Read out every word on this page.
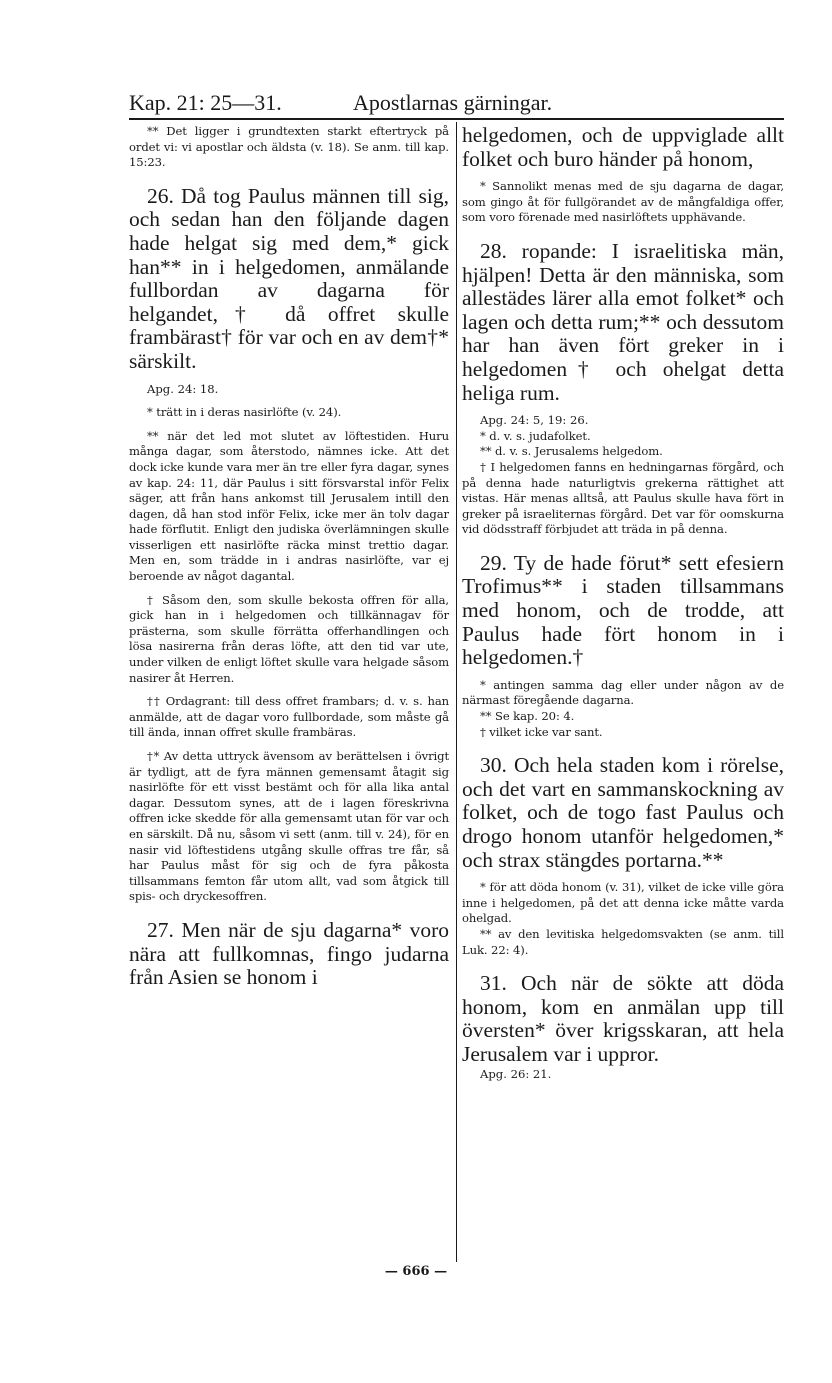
Kap. 21: 25—31.	Apostlarnas gärningar.

** Det ligger i grundtexten starkt eftertryck på ordet vi: vi apostlar och äldsta (v. 18). Se anm. till kap. 15:23.

26. Då tog Paulus männen till sig, och sedan han den följande dagen hade helgat sig med dem,* gick han** in i helgedomen, anmälande fullbordan av dagarna för helgandet,† då offret skulle frambärast† för var och en av dem†* särskilt.

Apg. 24: 18.

* trätt in i deras nasirlöfte (v. 24).

** när det led mot slutet av löftestiden. Huru många dagar, som återstodo, nämnes icke. Att det dock icke kunde vara mer än tre eller fyra dagar, synes av kap. 24: 11, där Paulus i sitt försvarstal inför Felix säger, att från hans ankomst till Jerusalem intill den dagen, då han stod inför Felix, icke mer än tolv dagar hade förflutit. Enligt den judiska överlämningen skulle visserligen ett nasirlöfte räcka minst trettio dagar. Men en, som trädde in i andras nasirlöfte, var ej beroende av något dagantal.

† Såsom den, som skulle bekosta offren för alla, gick han in i helgedomen och tillkännagav för prästerna, som skulle förrätta offerhandlingen och lösa nasirerna från deras löfte, att den tid var ute, under vilken de enligt löftet skulle vara helgade såsom nasirer åt Herren.

†† Ordagrant: till dess offret frambars; d. v. s. han anmälde, att de dagar voro fullbordade, som måste gå till ända, innan offret skulle frambäras.

†* Av detta uttryck ävensom av berättelsen i övrigt är tydligt, att de fyra männen gemensamt åtagit sig nasirlöfte för ett visst bestämt och för alla lika antal dagar. Dessutom synes, att de i lagen föreskrivna offren icke skedde för alla gemensamt utan för var och en särskilt. Då nu, såsom vi sett (anm. till v. 24), för en nasir vid löftestidens utgång skulle offras tre får, så har Paulus måst för sig och de fyra påkosta tillsammans femton får utom allt, vad som åtgick till spis- och dryckesoffren.

27. Men när de sju dagarna* voro nära att fullkomnas, fingo judarna från Asien se honom i

helgedomen, och de uppviglade allt folket och buro händer på honom,

* Sannolikt menas med de sju dagarna de dagar, som gingo åt för fullgörandet av de mångfaldiga offer, som voro förenade med nasirlöftets upphävande.

28. ropande: I israelitiska män, hjälpen! Detta är den människa, som allestädes lärer alla emot folket* och lagen och detta rum;** och dessutom har han även fört greker in i helgedomen† och ohelgat detta heliga rum.

Apg. 24: 5, 19: 26.

* d. v. s. judafolket.

** d. v. s. Jerusalems helgedom.

† I helgedomen fanns en hedningarnas förgård, och på denna hade naturligtvis grekerna rättighet att vistas. Här menas alltså, att Paulus skulle hava fört in greker på israeliternas förgård. Det var för oomskurna vid dödsstraff förbjudet att träda in på denna.

29. Ty de hade förut* sett efesiern Trofimus** i staden tillsammans med honom, och de trodde, att Paulus hade fört honom in i helgedomen.†

* antingen samma dag eller under någon av de närmast föregående dagarna.

** Se kap. 20: 4.

† vilket icke var sant.

30. Och hela staden kom i rörelse, och det vart en sammanskockning av folket, och de togo fast Paulus och drogo honom utanför helgedomen,* och strax stängdes portarna.**

* för att döda honom (v. 31), vilket de icke ville göra inne i helgedomen, på det att denna icke måtte varda ohelgad.

** av den levitiska helgedomsvakten (se anm. till Luk. 22: 4).

31. Och när de sökte att döda honom, kom en anmälan upp till översten* över krigsskaran, att hela Jerusalem var i uppror.

Apg. 26: 21.

— 666 —
